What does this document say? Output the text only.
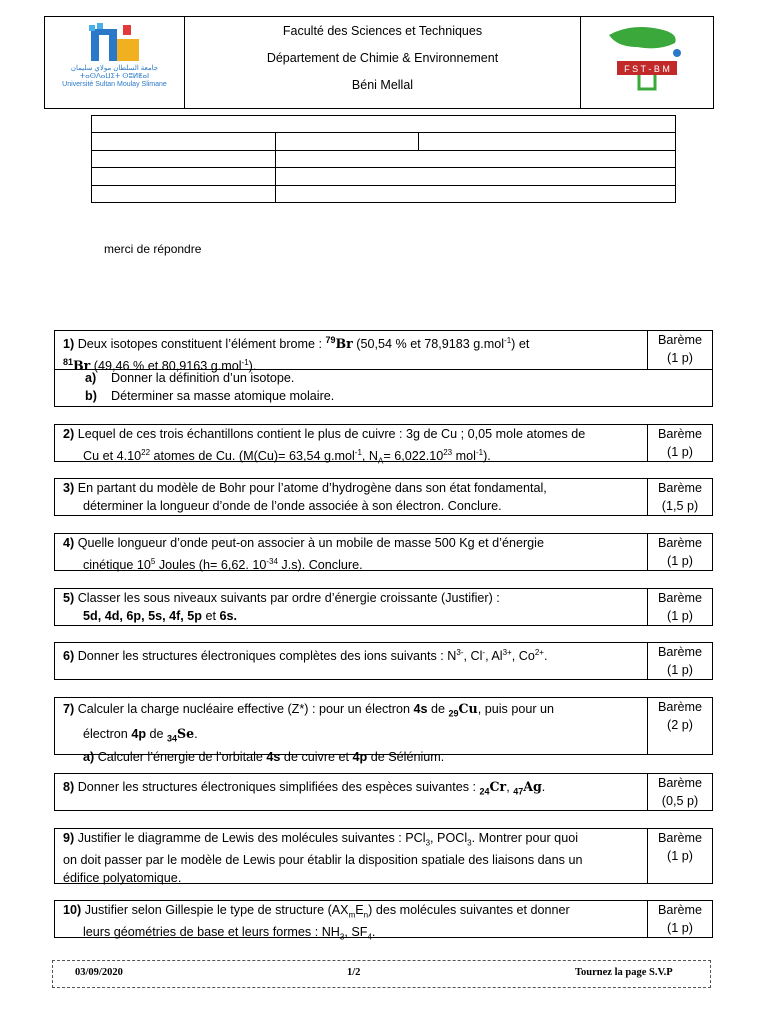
جامعة السلطان مولاي سليمان
ⵜⴰⵙⴷⴰⵡⵉⵜ ⵙⵓⵍⵟⴰⵏ
Université Sultan Moulay Slimane
Faculté des Sciences et Techniques
Département de Chimie & Environnement
Béni Mellal
F S T - B M

merci de répondre
1) Deux isotopes constituent l’élément brome : $^{79}$Br (50,54 % et 78,9183 g.mol$^{-1}$) et
$^{81}$Br (49,46 % et 80,9163 g.mol$^{-1}$).
Barème
(1 p)
a) Donner la définition d’un isotope.
b) Déterminer sa masse atomique molaire.
2) Lequel de ces trois échantillons contient le plus de cuivre : 3g de Cu ; 0,05 mole atomes de
Cu et 4.10$^{22}$ atomes de Cu. (M(Cu)= 63,54 g.mol$^{-1}$, $N_A= 6,022.10^{23}$ mol$^{-1}$).
Barème
(1 p)
3) En partant du modèle de Bohr pour l’atome d’hydrogène dans son état fondamental,
déterminer la longueur d’onde de l’onde associée à son électron. Conclure.
Barème
(1,5 p)
4) Quelle longueur d’onde peut-on associer à un mobile de masse 500 Kg et d’énergie
cinétique $10^5$ Joules (h= 6,62. $10^{-34}$ J.s). Conclure.
Barème
(1 p)
5) Classer les sous niveaux suivants par ordre d’énergie croissante (Justifier) :
5d, 4d, 6p, 5s, 4f, 5p et 6s.
Barème
(1 p)
6) Donner les structures électroniques complètes des ions suivants : $N^{3-}$, Cl-, $Al^{3+}$, $Co^{2+}$.	Barème
(1 p)
7) Calculer la charge nucléaire effective (Z*) : pour un électron 4s de $_{29}$Cu, puis pour un
électron 4p de $_{34}$Se.
a) Calculer l’énergie de l’orbitale 4s de cuivre et 4p de Sélénium.
Barème
(2 p)
8) Donner les structures électroniques simplifiées des espèces suivantes : $_{24}$Cr, $_{47}$Ag.	Barème
(0,5 p)
9) Justifier le diagramme de Lewis des molécules suivantes : PCl$_3$, POCl$_3$. Montrer pour quoi
on doit passer par le modèle de Lewis pour établir la disposition spatiale des liaisons dans un
édifice polyatomique.
Barème
(1 p)
10) Justifier selon Gillespie le type de structure $(AX_mE_n)$ des molécules suivantes et donner
leurs géométries de base et leurs formes : $NH_3$, $SF_4$.
Barème
(1 p)
03/09/2020	1/2	Tournez la page S.V.P
